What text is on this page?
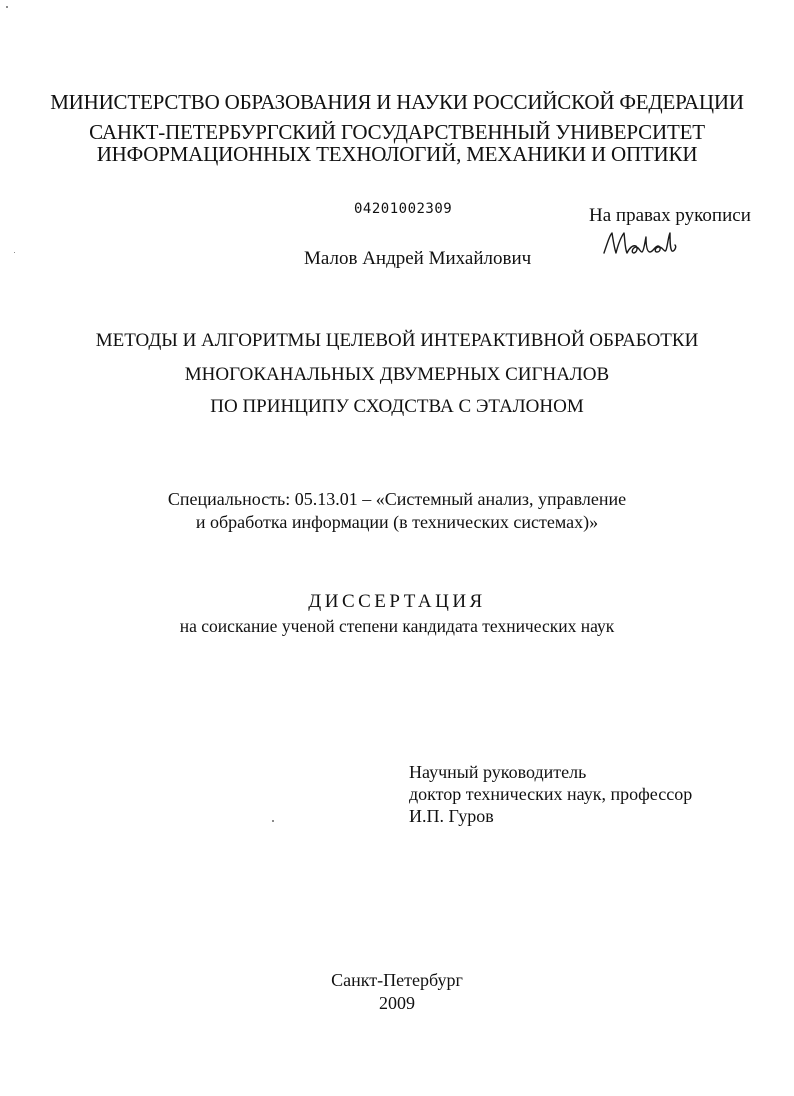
МИНИСТЕРСТВО ОБРАЗОВАНИЯ И НАУКИ РОССИЙСКОЙ ФЕДЕРАЦИИ
САНКТ-ПЕТЕРБУРГСКИЙ ГОСУДАРСТВЕННЫЙ УНИВЕРСИТЕТ
ИНФОРМАЦИОННЫХ ТЕХНОЛОГИЙ, МЕХАНИКИ И ОПТИКИ
04201002309	На правах рукописи
Малов Андрей Михайлович
МЕТОДЫ И АЛГОРИТМЫ ЦЕЛЕВОЙ ИНТЕРАКТИВНОЙ ОБРАБОТКИ
МНОГОКАНАЛЬНЫХ ДВУМЕРНЫХ СИГНАЛОВ
ПО ПРИНЦИПУ СХОДСТВА С ЭТАЛОНОМ
Специальность: 05.13.01 – «Системный анализ, управление
и обработка информации (в технических системах)»
ДИССЕРТАЦИЯ
на соискание ученой степени кандидата технических наук
Научный руководитель
доктор технических наук, профессор
И.П. Гуров
Санкт-Петербург
2009
